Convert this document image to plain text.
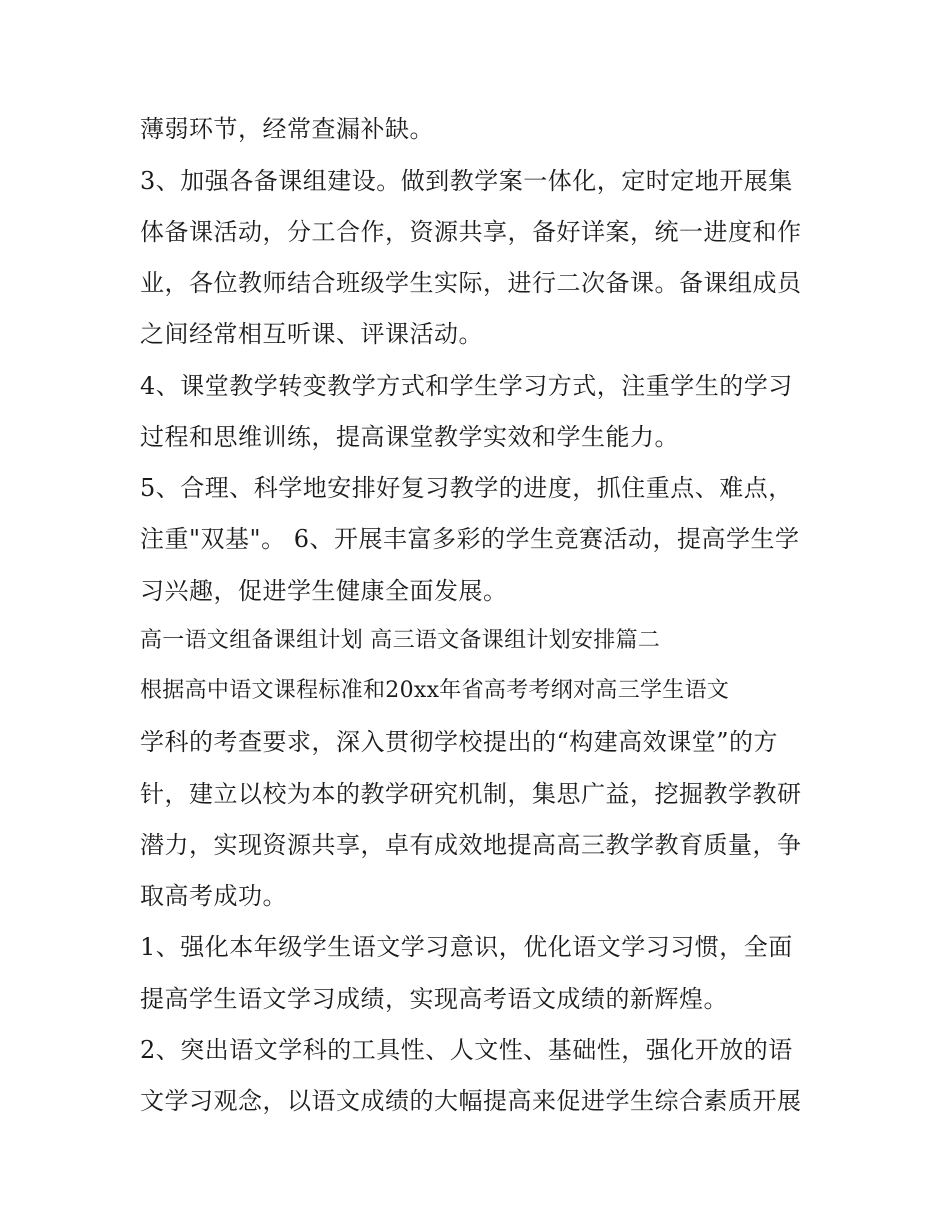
薄弱环节，经常查漏补缺。
3、加强各备课组建设。做到教学案一体化，定时定地开展集
体备课活动，分工合作，资源共享，备好详案，统一进度和作
业，各位教师结合班级学生实际，进行二次备课。备课组成员
之间经常相互听课、评课活动。
4、课堂教学转变教学方式和学生学习方式，注重学生的学习
过程和思维训练，提高课堂教学实效和学生能力。
5、合理、科学地安排好复习教学的进度，抓住重点、难点，
注重"双基"。 6、开展丰富多彩的学生竞赛活动，提高学生学
习兴趣，促进学生健康全面发展。
高一语文组备课组计划 高三语文备课组计划安排篇二
根据高中语文课程标准和20xx年省高考考纲对高三学生语文
学科的考查要求，深入贯彻学校提出的“构建高效课堂”的方
针，建立以校为本的教学研究机制，集思广益，挖掘教学教研
潜力，实现资源共享，卓有成效地提高高三教学教育质量，争
取高考成功。
1、强化本年级学生语文学习意识，优化语文学习习惯，全面
提高学生语文学习成绩，实现高考语文成绩的新辉煌。
2、突出语文学科的工具性、人文性、基础性，强化开放的语
文学习观念，以语文成绩的大幅提高来促进学生综合素质开展
